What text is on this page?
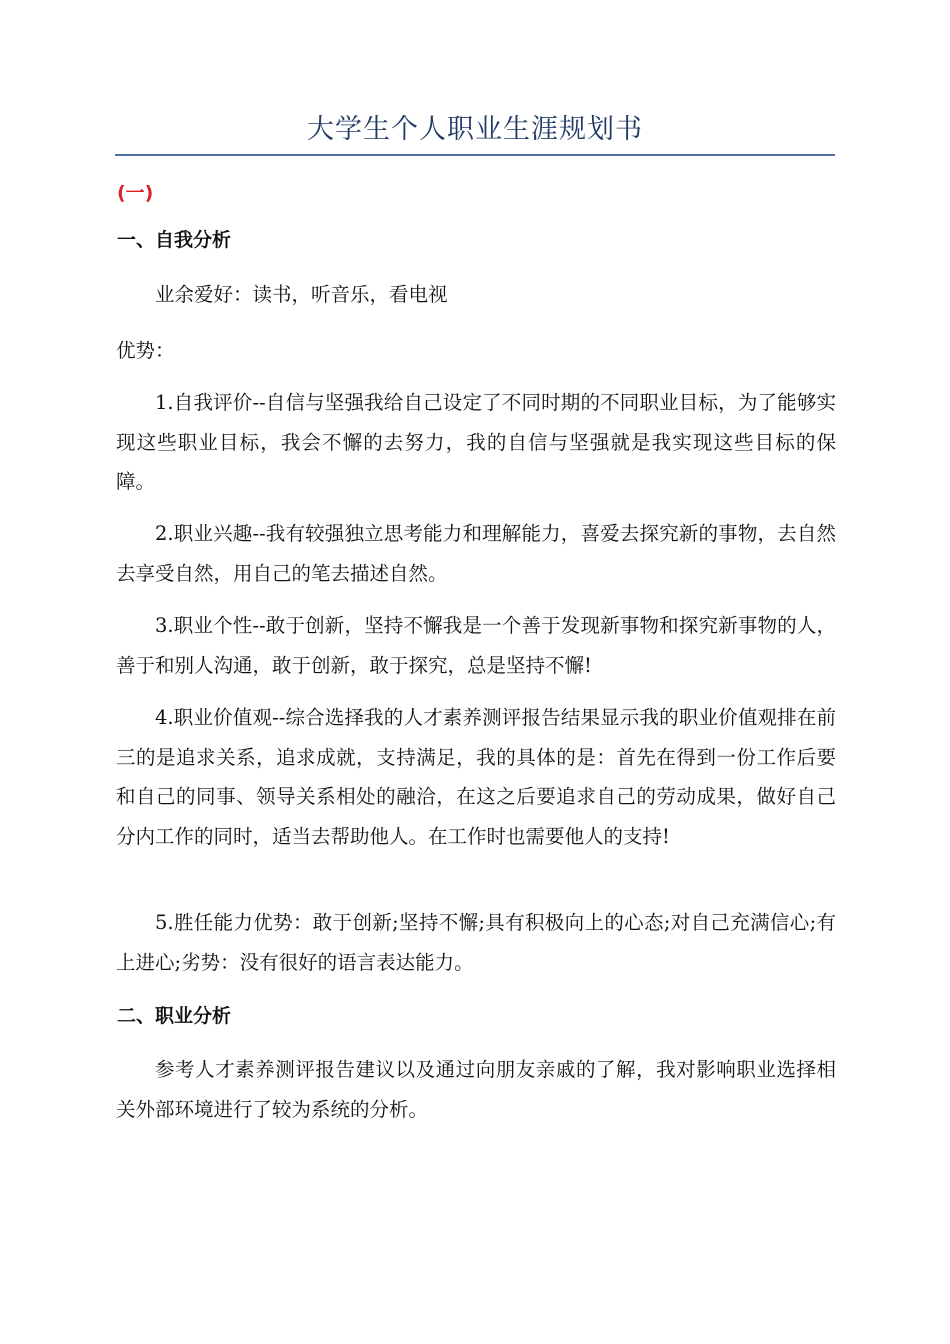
大学生个人职业生涯规划书
(一)
一、自我分析

业余爱好：读书，听音乐，看电视

优势：

1.自我评价--自信与坚强我给自己设定了不同时期的不同职业目标，为了能够实现这些职业目标，我会不懈的去努力，我的自信与坚强就是我实现这些目标的保障。

2.职业兴趣--我有较强独立思考能力和理解能力，喜爱去探究新的事物，去自然去享受自然，用自己的笔去描述自然。

3.职业个性--敢于创新，坚持不懈我是一个善于发现新事物和探究新事物的人，善于和别人沟通，敢于创新，敢于探究，总是坚持不懈!

4.职业价值观--综合选择我的人才素养测评报告结果显示我的职业价值观排在前三的是追求关系，追求成就，支持满足，我的具体的是：首先在得到一份工作后要和自己的同事、领导关系相处的融洽，在这之后要追求自己的劳动成果，做好自己分内工作的同时，适当去帮助他人。在工作时也需要他人的支持!

5.胜任能力优势：敢于创新;坚持不懈;具有积极向上的心态;对自己充满信心;有上进心;劣势：没有很好的语言表达能力。

二、职业分析

参考人才素养测评报告建议以及通过向朋友亲戚的了解，我对影响职业选择相关外部环境进行了较为系统的分析。
